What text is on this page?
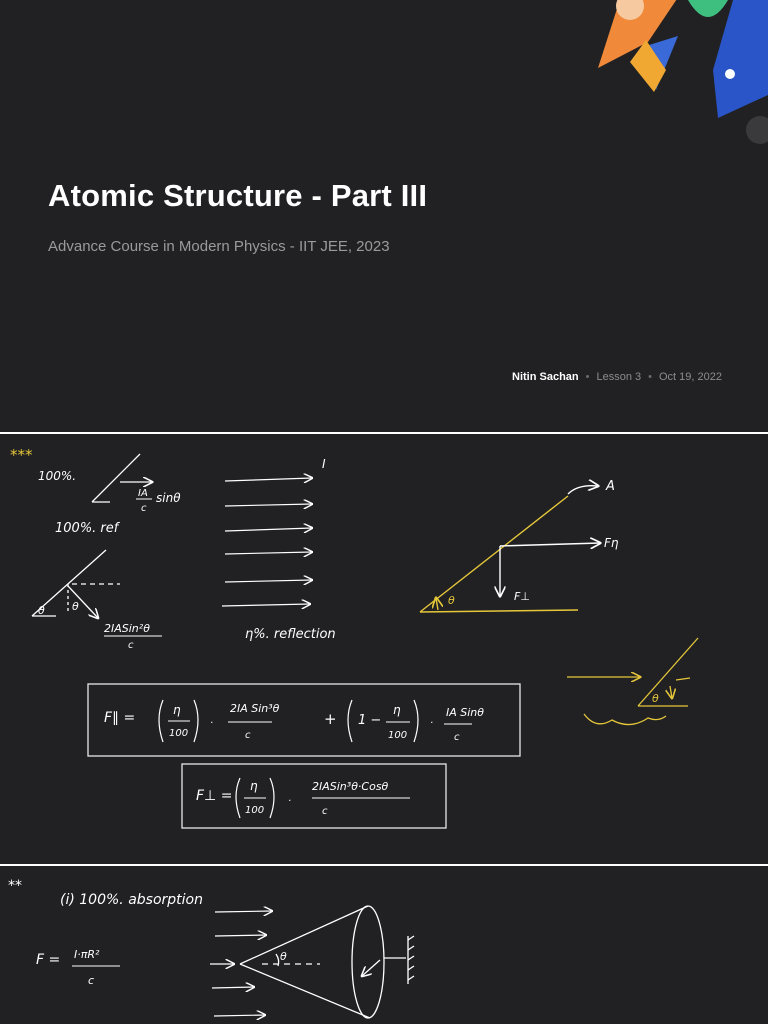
Atomic Structure - Part III
Advance Course in Modern Physics - IIT JEE, 2023
Nitin Sachan • Lesson 3 • Oct 19, 2022
***
100%.
IA
c
sinθ
100%. ref
θ θ
2IASin²θ
c
I
η%. reflection
A
Fη
F⊥
θ
θ
F∥ =	η
100
·
2IA Sin³θ
c
+ 1 −
η
100
·
IA Sinθ
c
F⊥ =
η
100
·
2IASin³θ·Cosθ
c
**
(i) 100%. absorption
F = I·πR²
c
θ
